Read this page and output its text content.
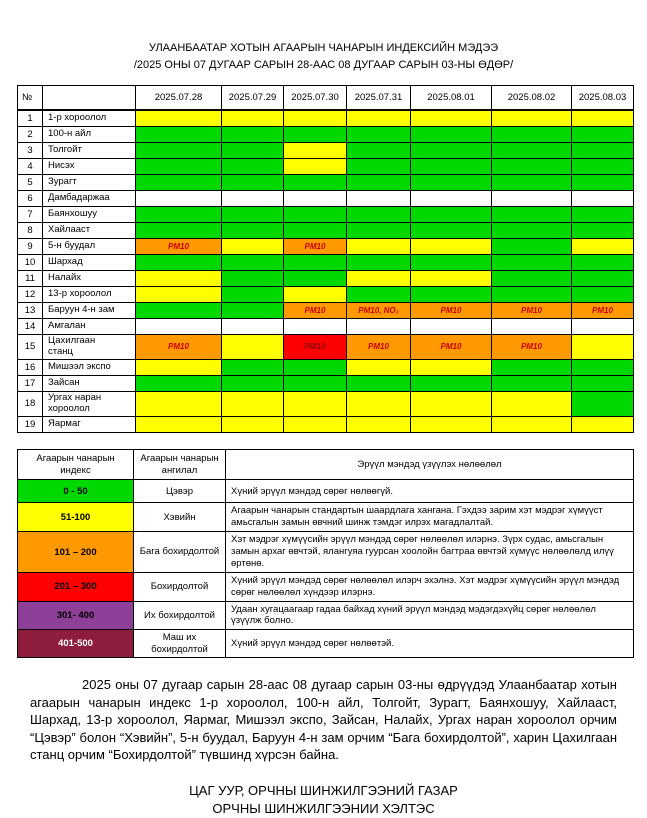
УЛААНБААТАР ХОТЫН АГААРЫН ЧАНАРЫН ИНДЕКСИЙН МЭДЭЭ
/2025 ОНЫ 07 ДУГААР САРЫН 28-ААС 08 ДУГААР САРЫН 03-НЫ ӨДӨР/
№		2025.07.28	2025.07.29	2025.07.30	2025.07.31	2025.08.01	2025.08.02	2025.08.03
1	1-р хороолол							
2	100-н айл							
3	Толгойт							
4	Нисэх							
5	Зурагт							
6	Дамбадаржаа							
7	Баянхошуу							
8	Хайлааст							
9	5-н буудал	PM10		PM10				

10	Шархад							
11	Налайх							
12	13-р хороолол							
13	Баруун 4-н зам			PM10	PM10, NO₂	PM10	PM10	PM10

14	Амгалан							
15	Цахилгаан станц	PM10		PM10	PM10	PM10	PM10	

16	Мишээл экспо							
17	Зайсан							
18	Ургах наран хороолол							
19	Яармаг							
Агаарын чанарын индекс	Агаарын чанарын ангилал	Эрүүл мэндэд үзүүлэх нөлөөлөл
0 - 50	Цэвэр	Хүний эрүүл мэндэд сөрөг нөлөөгүй.
51-100	Хэвийн	Агаарын чанарын стандартын шаардлага хангана. Гэхдээ зарим хэт мэдрэг хүмүүст амьсгалын замын өвчний шинж тэмдэг илрэх магадлалтай.
101 – 200	Бага бохирдолтой	Хэт мэдрэг хүмүүсийн эрүүл мэндэд сөрөг нөлөөлөл илэрнэ. Зүрх судас, амьсгалын замын архаг өвчтэй, ялангуяа гуурсан хоолойн багтраа өвчтэй хүмүүс нөлөөлөлд илүү өртөнө.
201 – 300	Бохирдолтой	Хүний эрүүл мэндэд сөрөг нөлөөлөл илэрч эхэлнэ. Хэт мэдрэг хүмүүсийн эрүүл мэндэд сөрөг нөлөөлөл хүндээр илэрнэ.
301- 400	Их бохирдолтой	Удаан хугацаагаар гадаа байхад хүний эрүүл мэндэд мэдэгдэхүйц сөрөг нөлөөлөл үзүүлж болно.
401-500	Маш их бохирдолтой	Хүний эрүүл мэндэд сөрөг нөлөөтэй.
2025 оны 07 дугаар сарын 28-аас 08 дугаар сарын 03-ны өдрүүдэд Улаанбаатар хотын агаарын чанарын индекс 1-р хороолол, 100-н айл, Толгойт, Зурагт, Баянхошуу, Хайлааст, Шархад, 13-р хороолол, Яармаг, Мишээл экспо, Зайсан, Налайх, Ургах наран хороолол орчим “Цэвэр” болон “Хэвийн”, 5-н буудал, Баруун 4-н зам орчим “Бага бохирдолтой”, харин Цахилгаан станц орчим “Бохирдолтой” түвшинд хүрсэн байна.
ЦАГ УУР, ОРЧНЫ ШИНЖИЛГЭЭНИЙ ГАЗАР
ОРЧНЫ ШИНЖИЛГЭЭНИИ ХЭЛТЭС
